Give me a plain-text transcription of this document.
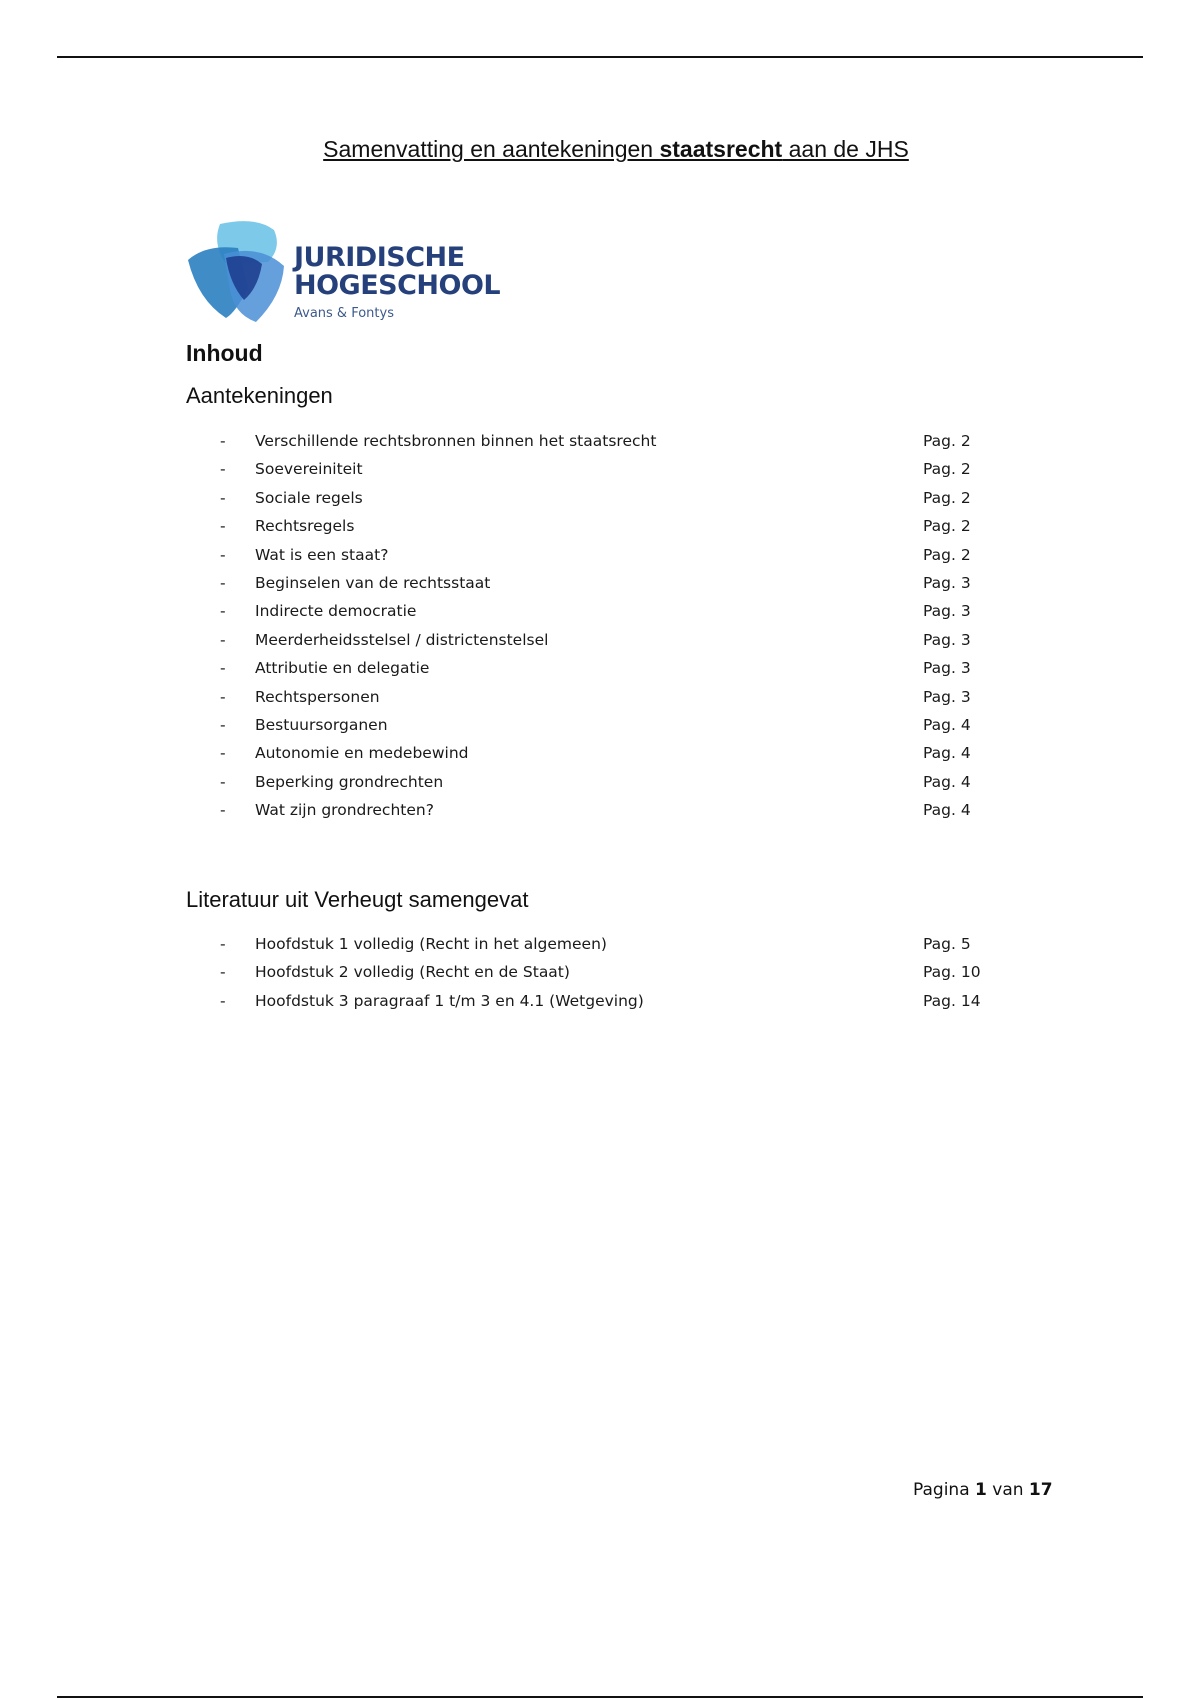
Samenvatting en aantekeningen staatsrecht aan de JHS
JURIDISCHE
HOGESCHOOL
Avans & Fontys
Inhoud
Aantekeningen
- Verschillende rechtsbronnen binnen het staatsrecht	Pag. 2
- Soevereiniteit	Pag. 2
- Sociale regels	Pag. 2
- Rechtsregels	Pag. 2
- Wat is een staat?	Pag. 2
- Beginselen van de rechtsstaat	Pag. 3
- Indirecte democratie	Pag. 3
- Meerderheidsstelsel / districtenstelsel	Pag. 3
- Attributie en delegatie	Pag. 3
- Rechtspersonen	Pag. 3
- Bestuursorganen	Pag. 4
- Autonomie en medebewind	Pag. 4
- Beperking grondrechten	Pag. 4
- Wat zijn grondrechten?	Pag. 4
Literatuur uit Verheugt samengevat
- Hoofdstuk 1 volledig (Recht in het algemeen)	Pag. 5
- Hoofdstuk 2 volledig (Recht en de Staat)	Pag. 10
- Hoofdstuk 3 paragraaf 1 t/m 3 en 4.1 (Wetgeving)	Pag. 14
Pagina 1 van 17
